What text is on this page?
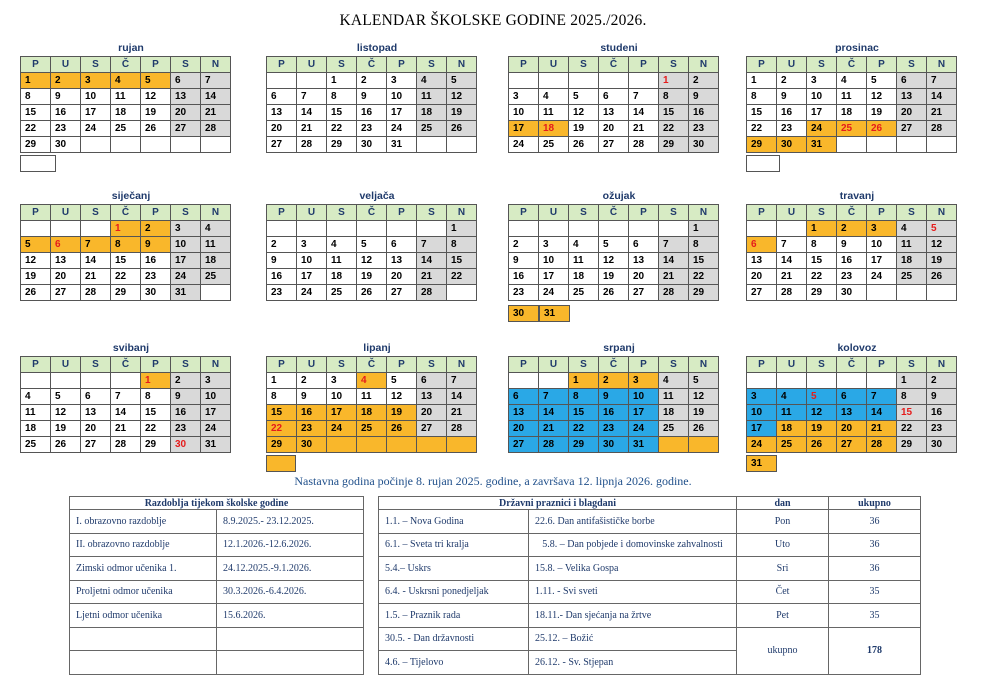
KALENDAR ŠKOLSKE GODINE 2025./2026.
rujan
P	U	S	Č	P	S	N
1	2	3	4	5	6	7
8	9	10	11	12	13	14
15	16	17	18	19	20	21
22	23	24	25	26	27	28
29	30					
listopad
P	U	S	Č	P	S	N
		1	2	3	4	5
6	7	8	9	10	11	12
13	14	15	16	17	18	19
20	21	22	23	24	25	26
27	28	29	30	31		
studeni
P	U	S	Č	P	S	N
					1	2
3	4	5	6	7	8	9
10	11	12	13	14	15	16
17	18	19	20	21	22	23
24	25	26	27	28	29	30
prosinac
P	U	S	Č	P	S	N
1	2	3	4	5	6	7
8	9	10	11	12	13	14
15	16	17	18	19	20	21
22	23	24	25	26	27	28
29	30	31				
siječanj
P	U	S	Č	P	S	N
			1	2	3	4
5	6	7	8	9	10	11
12	13	14	15	16	17	18
19	20	21	22	23	24	25
26	27	28	29	30	31	
veljača
P	U	S	Č	P	S	N
						1
2	3	4	5	6	7	8
9	10	11	12	13	14	15
16	17	18	19	20	21	22
23	24	25	26	27	28	
ožujak
P	U	S	Č	P	S	N
						1
2	3	4	5	6	7	8
9	10	11	12	13	14	15
16	17	18	19	20	21	22
23	24	25	26	27	28	29
travanj
P	U	S	Č	P	S	N
		1	2	3	4	5
6	7	8	9	10	11	12
13	14	15	16	17	18	19
20	21	22	23	24	25	26
27	28	29	30			
svibanj
P	U	S	Č	P	S	N
				1	2	3
4	5	6	7	8	9	10
11	12	13	14	15	16	17
18	19	20	21	22	23	24
25	26	27	28	29	30	31
lipanj
P	U	S	Č	P	S	N
1	2	3	4	5	6	7
8	9	10	11	12	13	14
15	16	17	18	19	20	21
22	23	24	25	26	27	28
29	30					
srpanj
P	U	S	Č	P	S	N
		1	2	3	4	5
6	7	8	9	10	11	12
13	14	15	16	17	18	19
20	21	22	23	24	25	26
27	28	29	30	31		
kolovoz
P	U	S	Č	P	S	N
					1	2
3	4	5	6	7	8	9
10	11	12	13	14	15	16
17	18	19	20	21	22	23
24	25	26	27	28	29	30
Nastavna godina počinje 8. rujan 2025. godine, a završava 12. lipnja 2026. godine.
Razdoblja tijekom školske godine	
I. obrazovno razdoblje	8.9.2025.- 23.12.2025.
II. obrazovno razdoblje	12.1.2026.-12.6.2026.
Zimski odmor učenika 1.	24.12.2025.-9.1.2026.
Proljetni odmor učenika	30.3.2026.-6.4.2026.
Ljetni odmor učenika	15.6.2026.

Državni praznici i blagdani		dan	ukupno
1.1. – Nova Godina	22.6. Dan antifašističke borbe	Pon	36
6.1. – Sveta tri kralja	5.8. – Dan pobjede i domovinske zahvalnosti	Uto	36
5.4.– Uskrs	15.8. – Velika Gospa	Sri	36
6.4. - Uskrsni ponedjeljak	1.11. - Svi sveti	Čet	35
1.5. – Praznik rada	18.11.- Dan sjećanja na žrtve	Pet	35
30.5. - Dan državnosti	25.12. – Božić	ukupno	178
4.6. – Tijelovo	26.12. - Sv. Stjepan		
30	31
31
